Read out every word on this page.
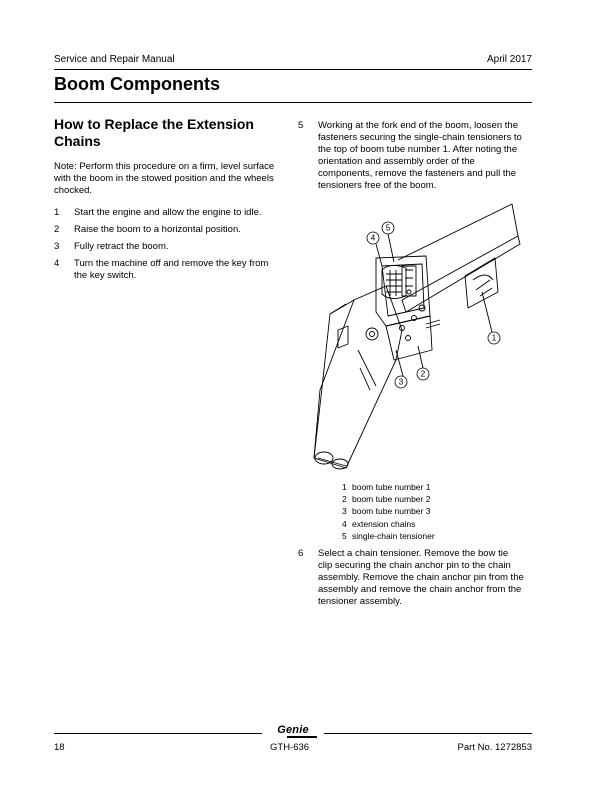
Service and Repair Manual	April 2017
Boom Components
How to Replace the Extension Chains

Note: Perform this procedure on a firm, level surface with the boom in the stowed position and the wheels chocked.

1	Start the engine and allow the engine to idle.
2	Raise the boom to a horizontal position.
3	Fully retract the boom.
4	Turn the machine off and remove the key from the key switch.
5	Working at the fork end of the boom, loosen the fasteners securing the single-chain tensioners to the top of boom tube number 1. After noting the orientation and assembly order of the components, remove the fasteners and pull the tensioners free of the boom.
4
5
1
2
3
1 boom tube number 1
2 boom tube number 2
3 boom tube number 3
4 extension chains
5 single-chain tensioner
6	Select a chain tensioner. Remove the bow tie clip securing the chain anchor pin to the chain assembly. Remove the chain anchor pin from the assembly and remove the chain anchor from the tensioner assembly.
Genie
18	GTH-636	Part No. 1272853
